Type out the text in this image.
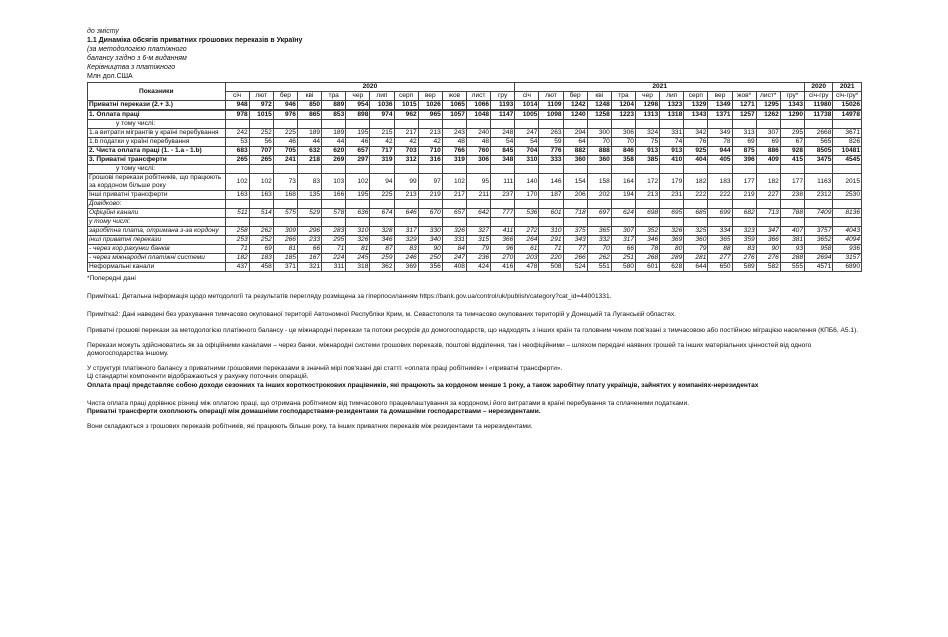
до змісту
1.1 Динаміка обсягів приватних грошових переказів в Україну
(за методологією платіжного
балансу згідно з 6-м виданням
Керівництва з платіжного
Млн дол.США
Показники	2020												2021												2020	2021
	січ	лют	бер	кві	тра	чер	лип	серп	вер	жов	лист	гру	січ	лют	бер	кві	тра	чер	лип	серп	вер	жов*	лист*	гру*	січ-гру	січ-гру*
Приватні перекази (2.+ 3.)	948	972	946	850	889	954	1036	1015	1026	1065	1066	1193	1014	1109	1242	1248	1204	1298	1323	1329	1349	1271	1295	1343	11980	15026

1. Оплата праці	978	1015	976	865	853	898	974	962	965	1057	1048	1147	1005	1098	1240	1258	1223	1313	1318	1343	1371	1257	1262	1290	11738	14978
у тому числі:																										
1.а витрати мігрантів у країні перебування	242	252	225	189	189	195	215	217	213	243	240	248	247	263	294	300	306	324	331	342	349	313	307	295	2668	3671
1.b податки у країні перебування	53	56	46	44	44	46	42	42	42	48	48	54	54	59	64	70	70	75	74	76	78	69	69	67	565	826
2. Чиста оплата праці (1. - 1.а - 1.b)	683	707	705	632	620	657	717	703	710	766	760	845	704	776	882	888	846	913	913	925	944	875	886	928	8505	10481
3. Приватні трансферти	265	265	241	218	269	297	319	312	316	319	306	348	310	333	360	360	358	385	410	404	405	396	409	415	3475	4545
у тому числі:																										
Грошові перекази робітників, що працюють за кордоном більше року	102	102	73	83	103	102	94	99	97	102	95	111	140	146	154	158	164	172	179	182	183	177	182	177	1163	2015
Інші приватні трансферти	163	163	168	135	166	195	225	213	219	217	211	237	170	187	206	202	194	213	231	222	222	219	227	238	2312	2530
Довідково:																										
Офіційні канали	511	514	575	529	578	636	674	646	670	657	642	777	536	601	718	697	624	698	695	685	699	682	713	788	7409	8136
у тому числі:																										
заробітна плата, отримана з-за кордону	258	262	309	296	283	310	328	317	330	326	327	411	272	310	375	365	307	352	326	325	334	323	347	407	3757	4043
інші приватні перекази	253	252	266	233	295	326	346	329	340	331	315	366	264	291	343	332	317	346	369	360	365	359	366	381	3652	4094
- через кор.рахунки банків	71	69	81	66	71	81	87	83	90	84	79	96	61	71	77	70	66	78	80	79	88	83	90	93	958	936
- через міжнародні платіжні системи	182	183	185	167	224	245	259	246	250	247	236	270	203	220	266	262	251	268	289	281	277	276	276	288	2694	3157
Неформальні канали	437	458	371	321	311	318	362	369	356	408	424	416	478	508	524	551	580	601	628	644	650	589	582	555	4571	6890

*Попередні дані

Примітка1: Детальна інформація щодо методології та результатів перегляду розміщена за гіперпосиланням https://bank.gov.ua/control/uk/publish/category?cat_id=44001331.

Примітка2: Дані наведені без урахування тимчасово окупованої території Автономної Республіки Крим, м. Севастополя та тимчасово окупованих територій у Донецькій та Луганській областях.

Приватні грошові перекази за методологією платіжного балансу - це міжнародні перекази та потоки ресурсів до домогосподарств, що надходять з інших країн та головним чином пов'язані з тимчасовою або постійною міграцією населення (КПБ6, А5.1).

Перекази можуть здійснюватись як за офіційними каналами – через банки, міжнародні системи грошових переказів, поштові відділення, так і неофіційними – шляхом передачі наявних грошей та інших матеріальних цінностей від одного домогосподарства іншому.

У структурі платіжного балансу з приватними грошовими переказами в значній мірі пов'язані дві статті: «оплата праці робітників» і «приватні трансферти».

Ці стандартні компоненти відображаються у рахунку поточних операцій.

Оплата праці представляє собою доходи сезонних та інших короткострокових працівників, які працюють за кордоном менше 1 року, а також заробітну плату українців, зайнятих у компаніях-нерезидентах

Чиста оплата праці дорівнює різниці між оплатою праці, що отримана робітником від тимчасового працевлаштування за кордоном,і його витратами в країні перебування та сплаченими податками.

Приватні трансферти охоплюють операції між домашніми господарствами-резидентами та домашніми господарствами – нерезидентами.

Вони складаються з грошових переказів робітників, які працюють більше року, та інших приватних переказів між резидентами та нерезидентами.
